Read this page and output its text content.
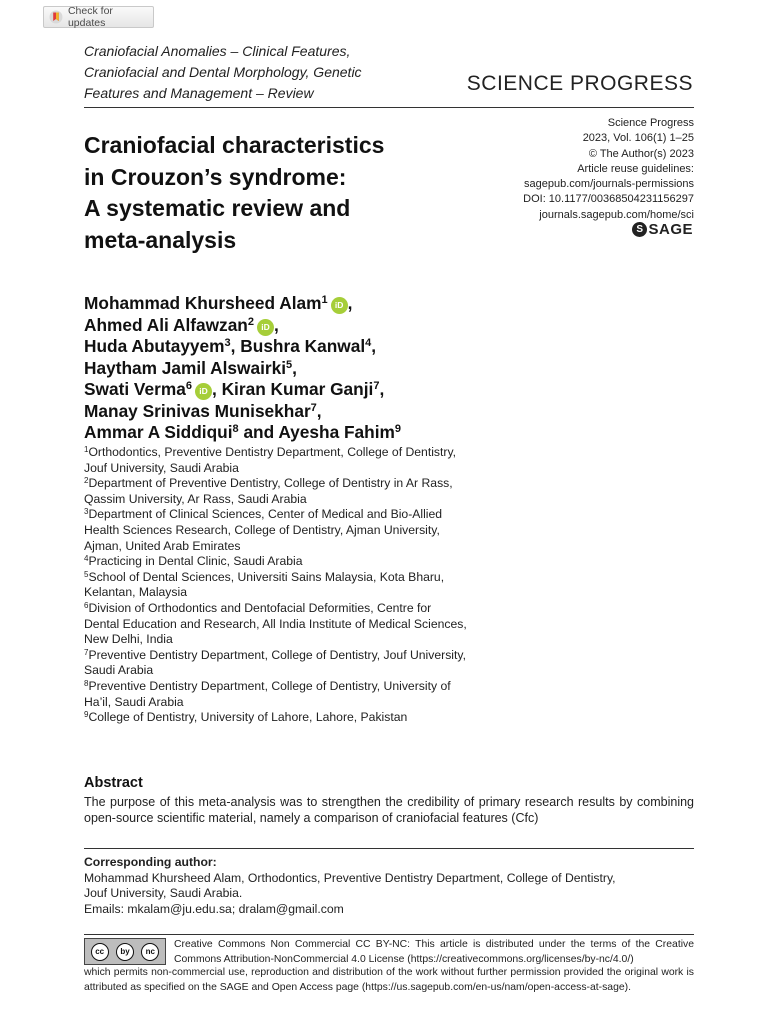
Check for updates
Craniofacial Anomalies – Clinical Features,
Craniofacial and Dental Morphology, Genetic
Features and Management – Review	SCIENCE PROGRESS
Craniofacial characteristics
in Crouzon’s syndrome:
A systematic review and
meta-analysis
Science Progress
2023, Vol. 106(1) 1–25
© The Author(s) 2023
Article reuse guidelines:
sagepub.com/journals-permissions
DOI: 10.1177/00368504231156297
journals.sagepub.com/home/sci
S SAGE
Mohammad Khursheed Alam$^1$ iD ,
Ahmed Ali Alfawzan$^2$ iD ,
Huda Abutayyem$^3$, Bushra Kanwal$^4$,
Haytham Jamil Alswairki$^5$,
Swati Verma$^6$ iD , Kiran Kumar Ganji$^7$,
Manay Srinivas Munisekhar$^7$,
Ammar A Siddiqui$^8$ and Ayesha Fahim$^9$
$^1$Orthodontics, Preventive Dentistry Department, College of Dentistry,
Jouf University, Saudi Arabia
$^2$Department of Preventive Dentistry, College of Dentistry in Ar Rass,
Qassim University, Ar Rass, Saudi Arabia
$^3$Department of Clinical Sciences, Center of Medical and Bio-Allied
Health Sciences Research, College of Dentistry, Ajman University,
Ajman, United Arab Emirates
$^4$Practicing in Dental Clinic, Saudi Arabia
$^5$School of Dental Sciences, Universiti Sains Malaysia, Kota Bharu,
Kelantan, Malaysia
$^6$Division of Orthodontics and Dentofacial Deformities, Centre for
Dental Education and Research, All India Institute of Medical Sciences,
New Delhi, India
$^7$Preventive Dentistry Department, College of Dentistry, Jouf University,
Saudi Arabia
$^8$Preventive Dentistry Department, College of Dentistry, University of
Ha’il, Saudi Arabia
$^9$College of Dentistry, University of Lahore, Lahore, Pakistan
Abstract
The purpose of this meta-analysis was to strengthen the credibility of primary research results by combining open-source scientific material, namely a comparison of craniofacial features (Cfc)
Corresponding author:
Mohammad Khursheed Alam, Orthodontics, Preventive Dentistry Department, College of Dentistry,
Jouf University, Saudi Arabia.
Emails: mkalam@ju.edu.sa; dralam@gmail.com
cc	by	nc
Creative Commons Non Commercial CC BY-NC: This article is distributed under the terms of the Creative Commons Attribution-NonCommercial 4.0 License (https://creativecommons.org/licenses/by-nc/4.0/)
which permits non-commercial use, reproduction and distribution of the work without further permission provided the original work is attributed as specified on the SAGE and Open Access page (https://us.sagepub.com/en-us/nam/open-access-at-sage).
